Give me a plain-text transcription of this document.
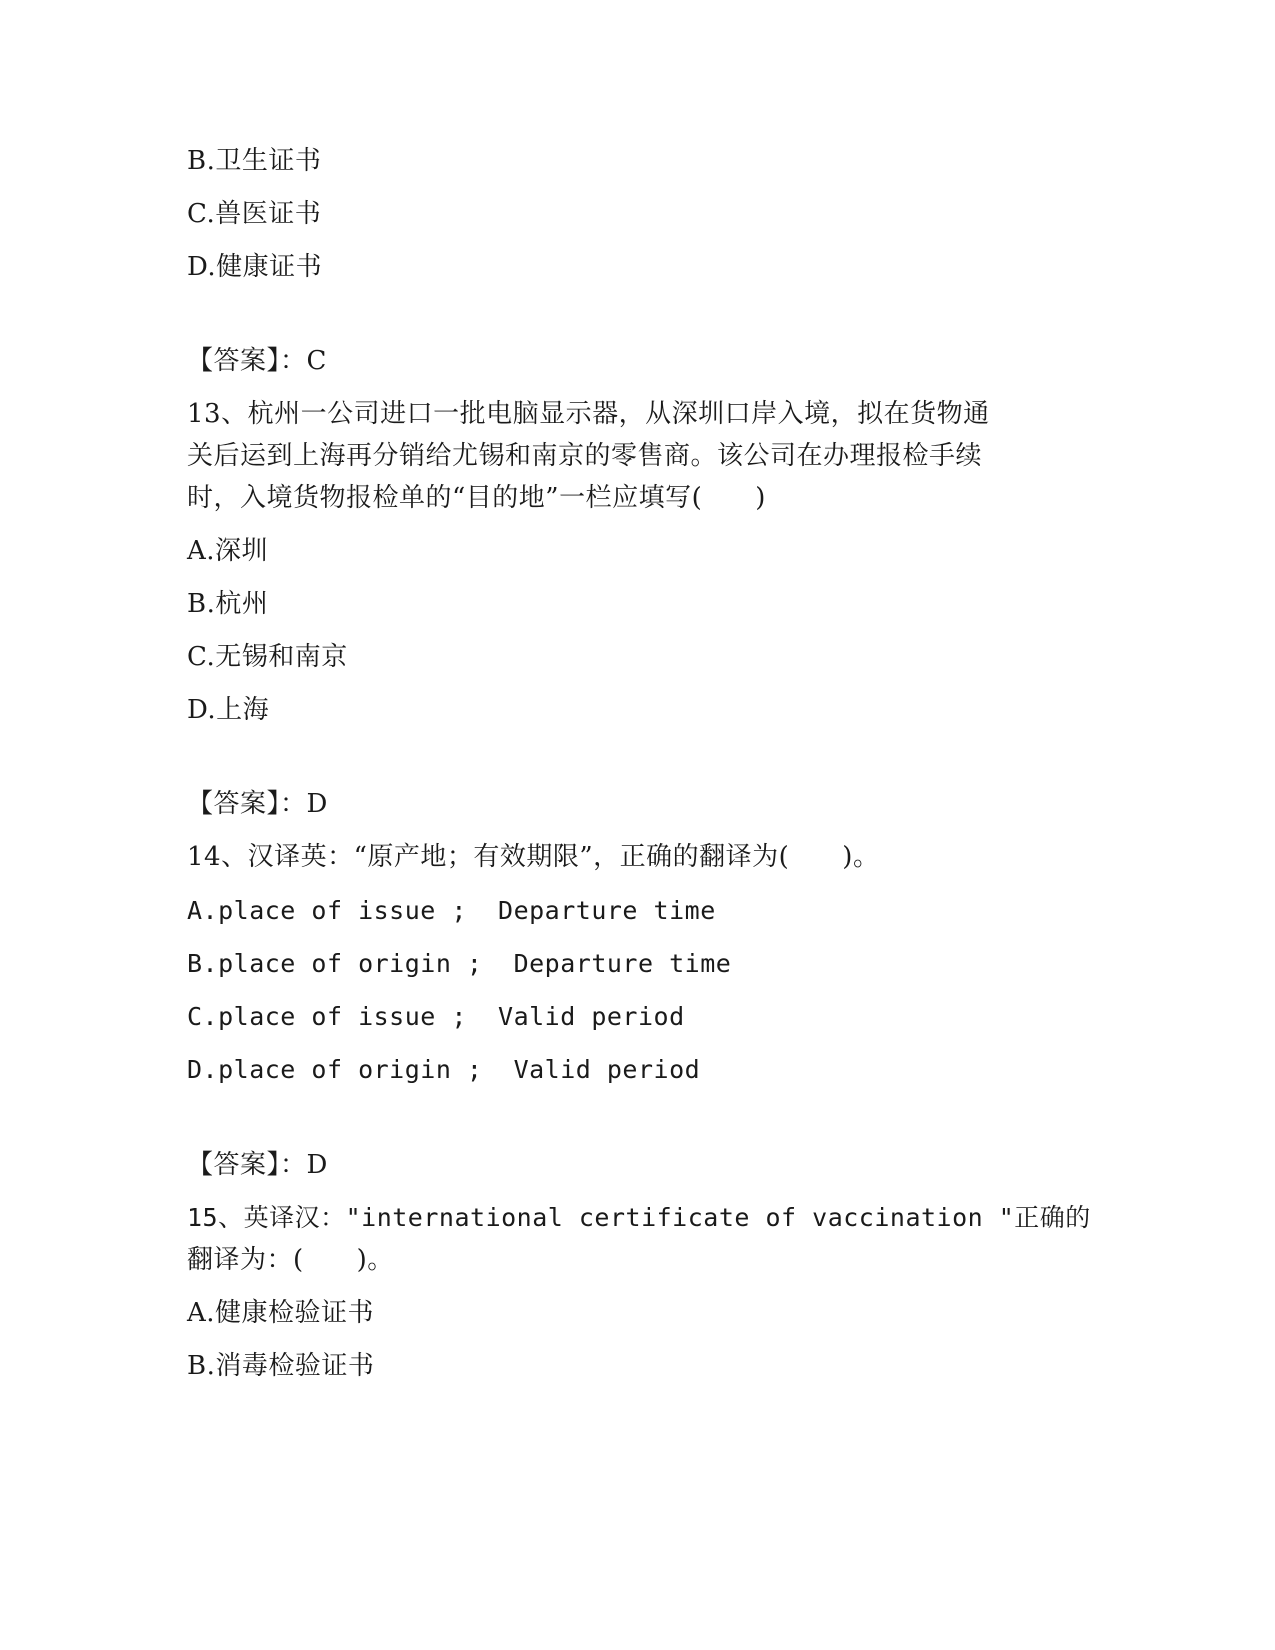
B.卫生证书
C.兽医证书
D.健康证书
【答案】：C
13、杭州一公司进口一批电脑显示器，从深圳口岸入境，拟在货物通
关后运到上海再分销给尤锡和南京的零售商。该公司在办理报检手续
时，入境货物报检单的“目的地”一栏应填写(　　)
A.深圳
B.杭州
C.无锡和南京
D.上海
【答案】：D
14、汉译英：“原产地；有效期限”，正确的翻译为(　　)。
A.place of issue ;  Departure time
B.place of origin ;  Departure time
C.place of issue ;  Valid period
D.place of origin ;  Valid period
【答案】：D
15、英译汉："international certificate of vaccination "正确的
翻译为：(　　)。
A.健康检验证书
B.消毒检验证书
